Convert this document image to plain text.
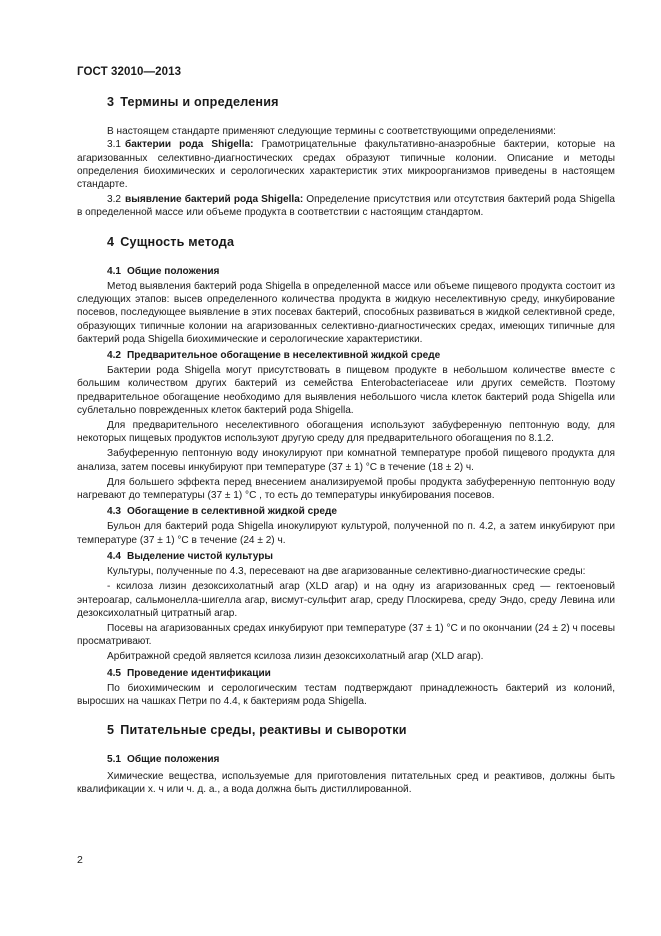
ГОСТ 32010—2013
3 Термины и определения

В настоящем стандарте применяют следующие термины с соответствующими определениями:

3.1 бактерии рода Shigella: Грамотрицательные факультативно-анаэробные бактерии, которые на агаризованных селективно-диагностических средах образуют типичные колонии. Описание и методы определения биохимических и серологических характеристик этих микроорганизмов приведены в настоящем стандарте.

3.2 выявление бактерий рода Shigella: Определение присутствия или отсутствия бактерий рода Shigella в определенной массе или объеме продукта в соответствии с настоящим стандартом.

4 Сущность метода
4.1 Общие положения

Метод выявления бактерий рода Shigella в определенной массе или объеме пищевого продукта состоит из следующих этапов: высев определенного количества продукта в жидкую неселективную среду, инкубирование посевов, последующее выявление в этих посевах бактерий, способных развиваться в жидкой селективной среде, образующих типичные колонии на агаризованных селективно-диагностических средах, имеющих типичные для бактерий рода Shigella биохимические и серологические характеристики.

4.2 Предварительное обогащение в неселективной жидкой среде

Бактерии рода Shigella могут присутствовать в пищевом продукте в небольшом количестве вместе с большим количеством других бактерий из семейства Enterobacteriaceae или других семейств. Поэтому предварительное обогащение необходимо для выявления небольшого числа клеток бактерий рода Shigella или сублетально поврежденных клеток бактерий рода Shigella.

Для предварительного неселективного обогащения используют забуференную пептонную воду, для некоторых пищевых продуктов используют другую среду для предварительного обогащения по 8.1.2.

Забуференную пептонную воду инокулируют при комнатной температуре пробой пищевого продукта для анализа, затем посевы инкубируют при температуре (37 ± 1) °С в течение (18 ± 2) ч.

Для большего эффекта перед внесением анализируемой пробы продукта забуференную пептонную воду нагревают до температуры (37 ± 1) °С , то есть до температуры инкубирования посевов.

4.3 Обогащение в селективной жидкой среде

Бульон для бактерий рода Shigella инокулируют культурой, полученной по п. 4.2, а затем инкубируют при температуре (37 ± 1) °С в течение (24 ± 2) ч.

4.4 Выделение чистой культуры

Культуры, полученные по 4.3, пересевают на две агаризованные селективно-диагностические среды:

- ксилоза лизин дезоксихолатный агар (XLD агар) и на одну из агаризованных сред — гектоеновый энтероагар, сальмонелла-шигелла агар, висмут-сульфит агар, среду Плоскирева, среду Эндо, среду Левина или дезоксихолатный цитратный агар.

Посевы на агаризованных средах инкубируют при температуре (37 ± 1) °С и по окончании (24 ± 2) ч посевы просматривают.

Арбитражной средой является ксилоза лизин дезоксихолатный агар (XLD агар).

4.5 Проведение идентификации

По биохимическим и серологическим тестам подтверждают принадлежность бактерий из колоний, выросших на чашках Петри по 4.4, к бактериям рода Shigella.

5 Питательные среды, реактивы и сыворотки
5.1 Общие положения

Химические вещества, используемые для приготовления питательных сред и реактивов, должны быть квалификации х. ч или ч. д. а., а вода должна быть дистиллированной.

2
